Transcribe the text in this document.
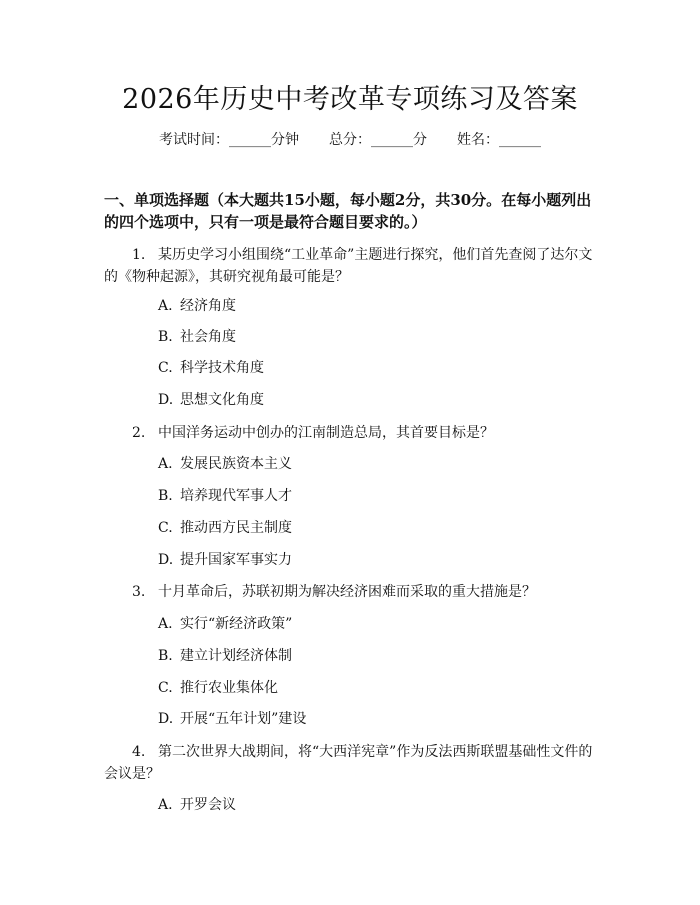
2026年历史中考改革专项练习及答案
考试时间：______分钟 总分：______分 姓名：______

一、单项选择题（本大题共15小题，每小题2分，共30分。在每小题列出的四个选项中，只有一项是最符合题目要求的。）

1. 某历史学习小组围绕“工业革命”主题进行探究，他们首先查阅了达尔文的《物种起源》，其研究视角最可能是？

A. 经济角度
B. 社会角度
C. 科学技术角度
D. 思想文化角度

2. 中国洋务运动中创办的江南制造总局，其首要目标是？

A. 发展民族资本主义
B. 培养现代军事人才
C. 推动西方民主制度
D. 提升国家军事实力

3. 十月革命后，苏联初期为解决经济困难而采取的重大措施是？

A. 实行“新经济政策”
B. 建立计划经济体制
C. 推行农业集体化
D. 开展“五年计划”建设

4. 第二次世界大战期间，将“大西洋宪章”作为反法西斯联盟基础性文件的会议是？

A. 开罗会议
